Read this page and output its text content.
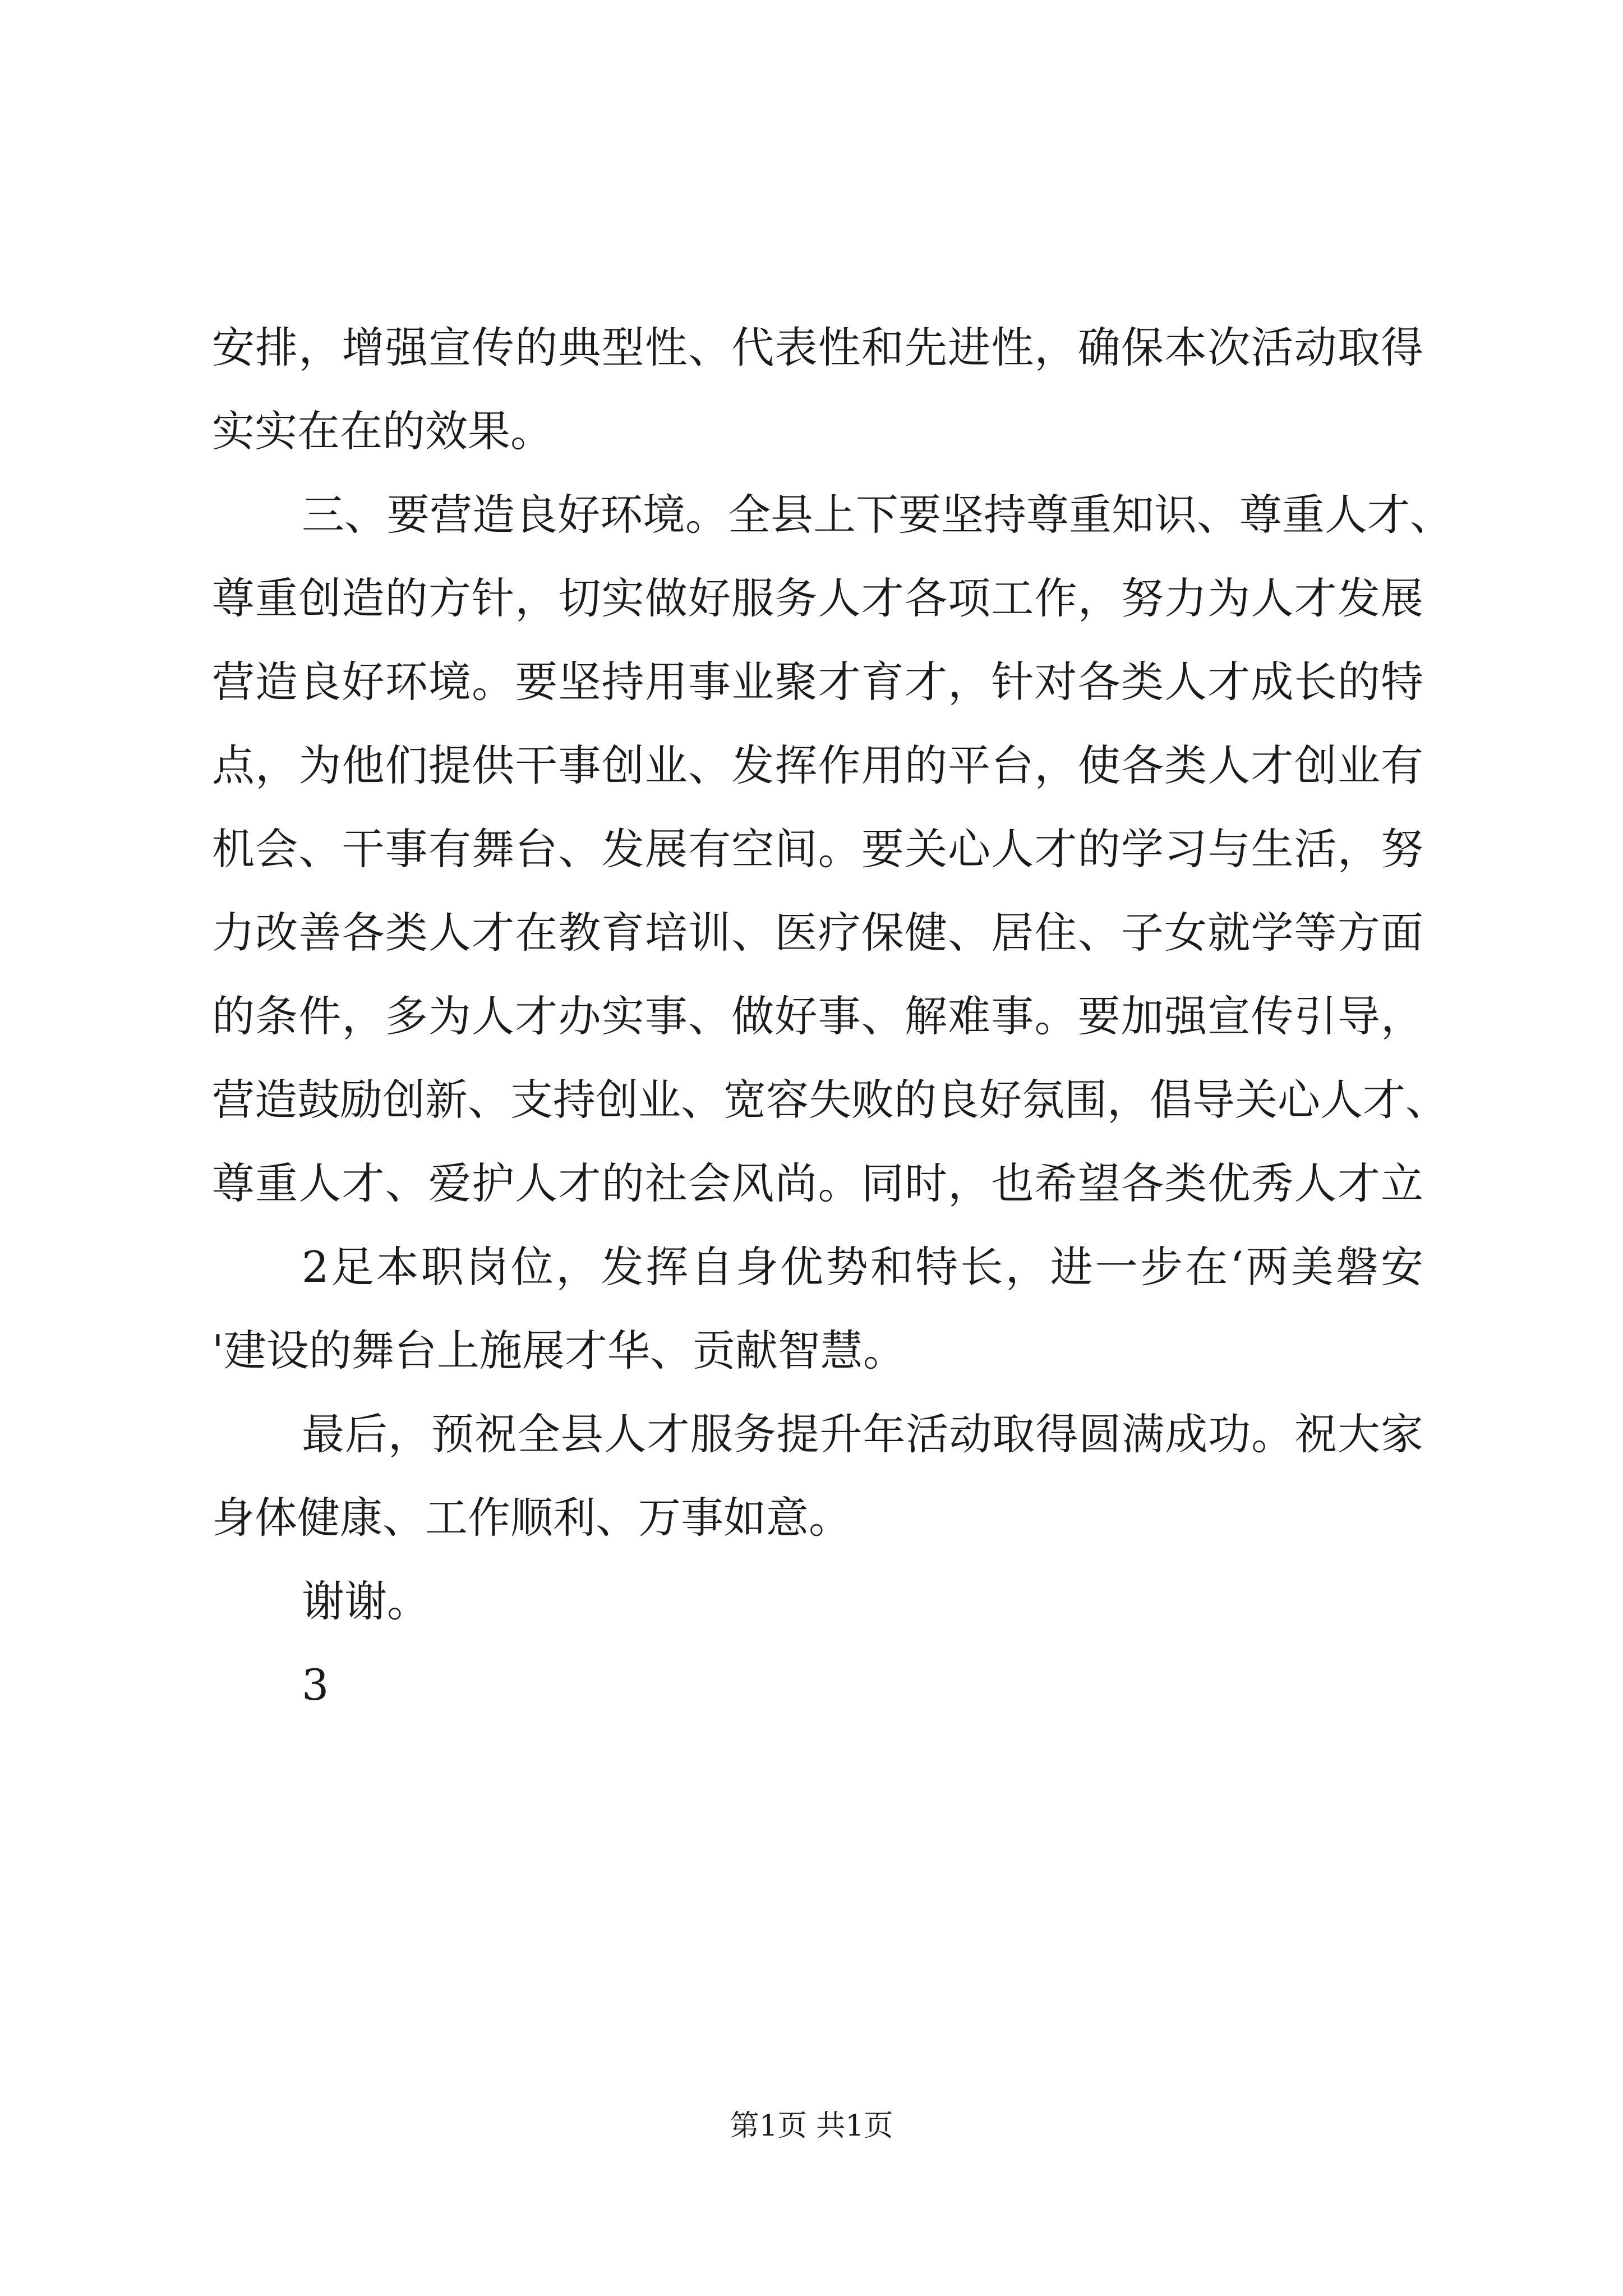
安排，增强宣传的典型性、代表性和先进性，确保本次活动取得
实实在在的效果。
三、要营造良好环境。全县上下要坚持尊重知识、尊重人才、
尊重创造的方针，切实做好服务人才各项工作，努力为人才发展
营造良好环境。要坚持用事业聚才育才，针对各类人才成长的特
点，为他们提供干事创业、发挥作用的平台，使各类人才创业有
机会、干事有舞台、发展有空间。要关心人才的学习与生活，努
力改善各类人才在教育培训、医疗保健、居住、子女就学等方面
的条件，多为人才办实事、做好事、解难事。要加强宣传引导，
营造鼓励创新、支持创业、宽容失败的良好氛围，倡导关心人才、
尊重人才、爱护人才的社会风尚。同时，也希望各类优秀人才立
2足本职岗位，发挥自身优势和特长，进一步在‘两美磐安
'建设的舞台上施展才华、贡献智慧。
最后，预祝全县人才服务提升年活动取得圆满成功。祝大家
身体健康、工作顺利、万事如意。
谢谢。
3
第1页 共1页
